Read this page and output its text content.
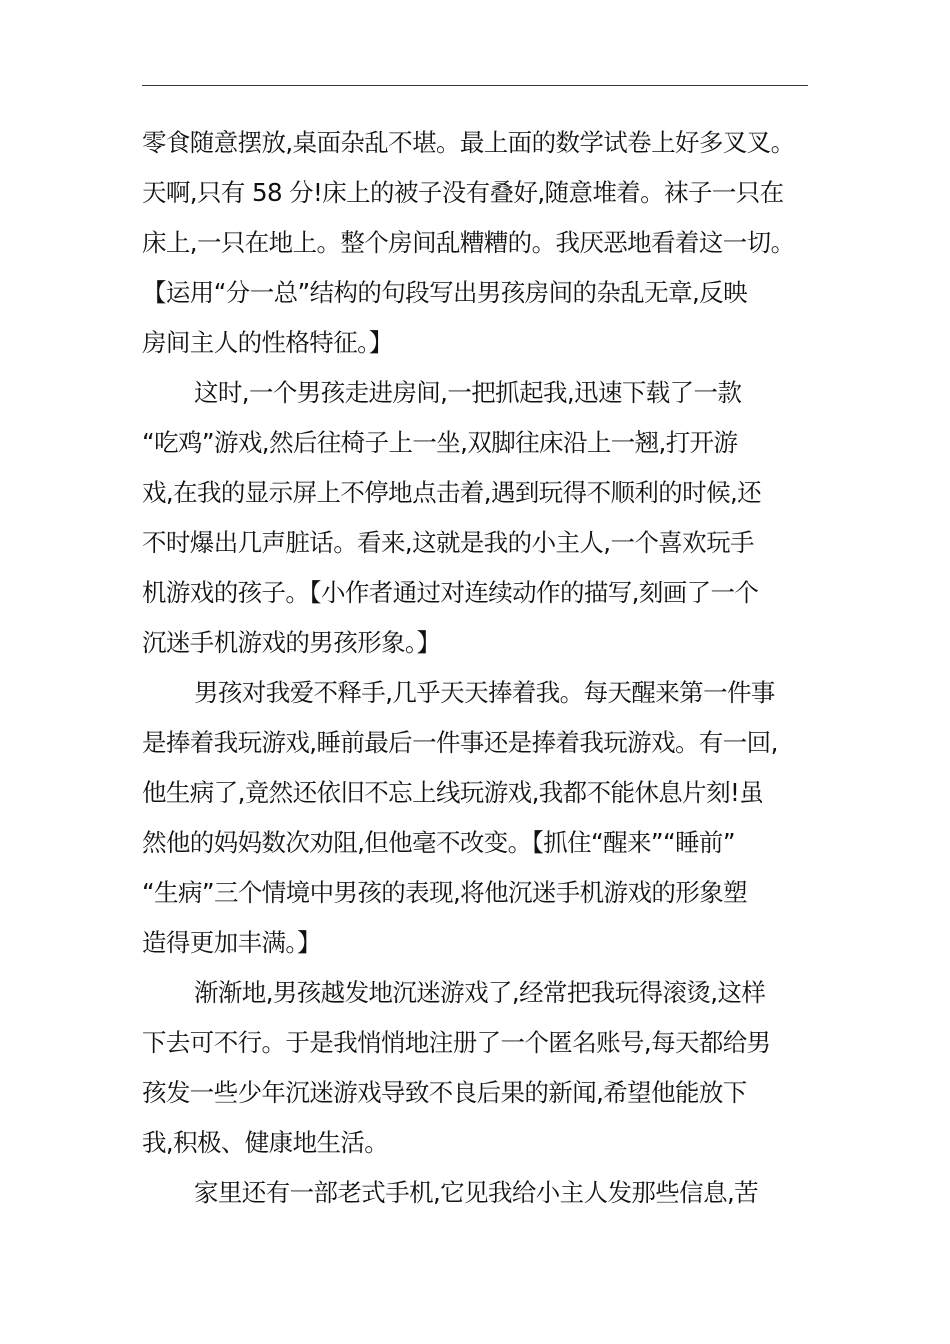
零食随意摆放,桌面杂乱不堪。最上面的数学试卷上好多叉叉。
天啊,只有 58 分!床上的被子没有叠好,随意堆着。袜子一只在
床上,一只在地上。整个房间乱糟糟的。我厌恶地看着这一切。
【运用“分一总”结构的句段写出男孩房间的杂乱无章,反映
房间主人的性格特征。】
这时,一个男孩走进房间,一把抓起我,迅速下载了一款
“吃鸡”游戏,然后往椅子上一坐,双脚往床沿上一翘,打开游
戏,在我的显示屏上不停地点击着,遇到玩得不顺利的时候,还
不时爆出几声脏话。看来,这就是我的小主人,一个喜欢玩手
机游戏的孩子。【小作者通过对连续动作的描写,刻画了一个
沉迷手机游戏的男孩形象。】
男孩对我爱不释手,几乎天天捧着我。每天醒来第一件事
是捧着我玩游戏,睡前最后一件事还是捧着我玩游戏。有一回,
他生病了,竟然还依旧不忘上线玩游戏,我都不能休息片刻!虽
然他的妈妈数次劝阻,但他毫不改变。【抓住“醒来”“睡前”
“生病”三个情境中男孩的表现,将他沉迷手机游戏的形象塑
造得更加丰满。】
渐渐地,男孩越发地沉迷游戏了,经常把我玩得滚烫,这样
下去可不行。于是我悄悄地注册了一个匿名账号,每天都给男
孩发一些少年沉迷游戏导致不良后果的新闻,希望他能放下
我,积极、健康地生活。
家里还有一部老式手机,它见我给小主人发那些信息,苦
